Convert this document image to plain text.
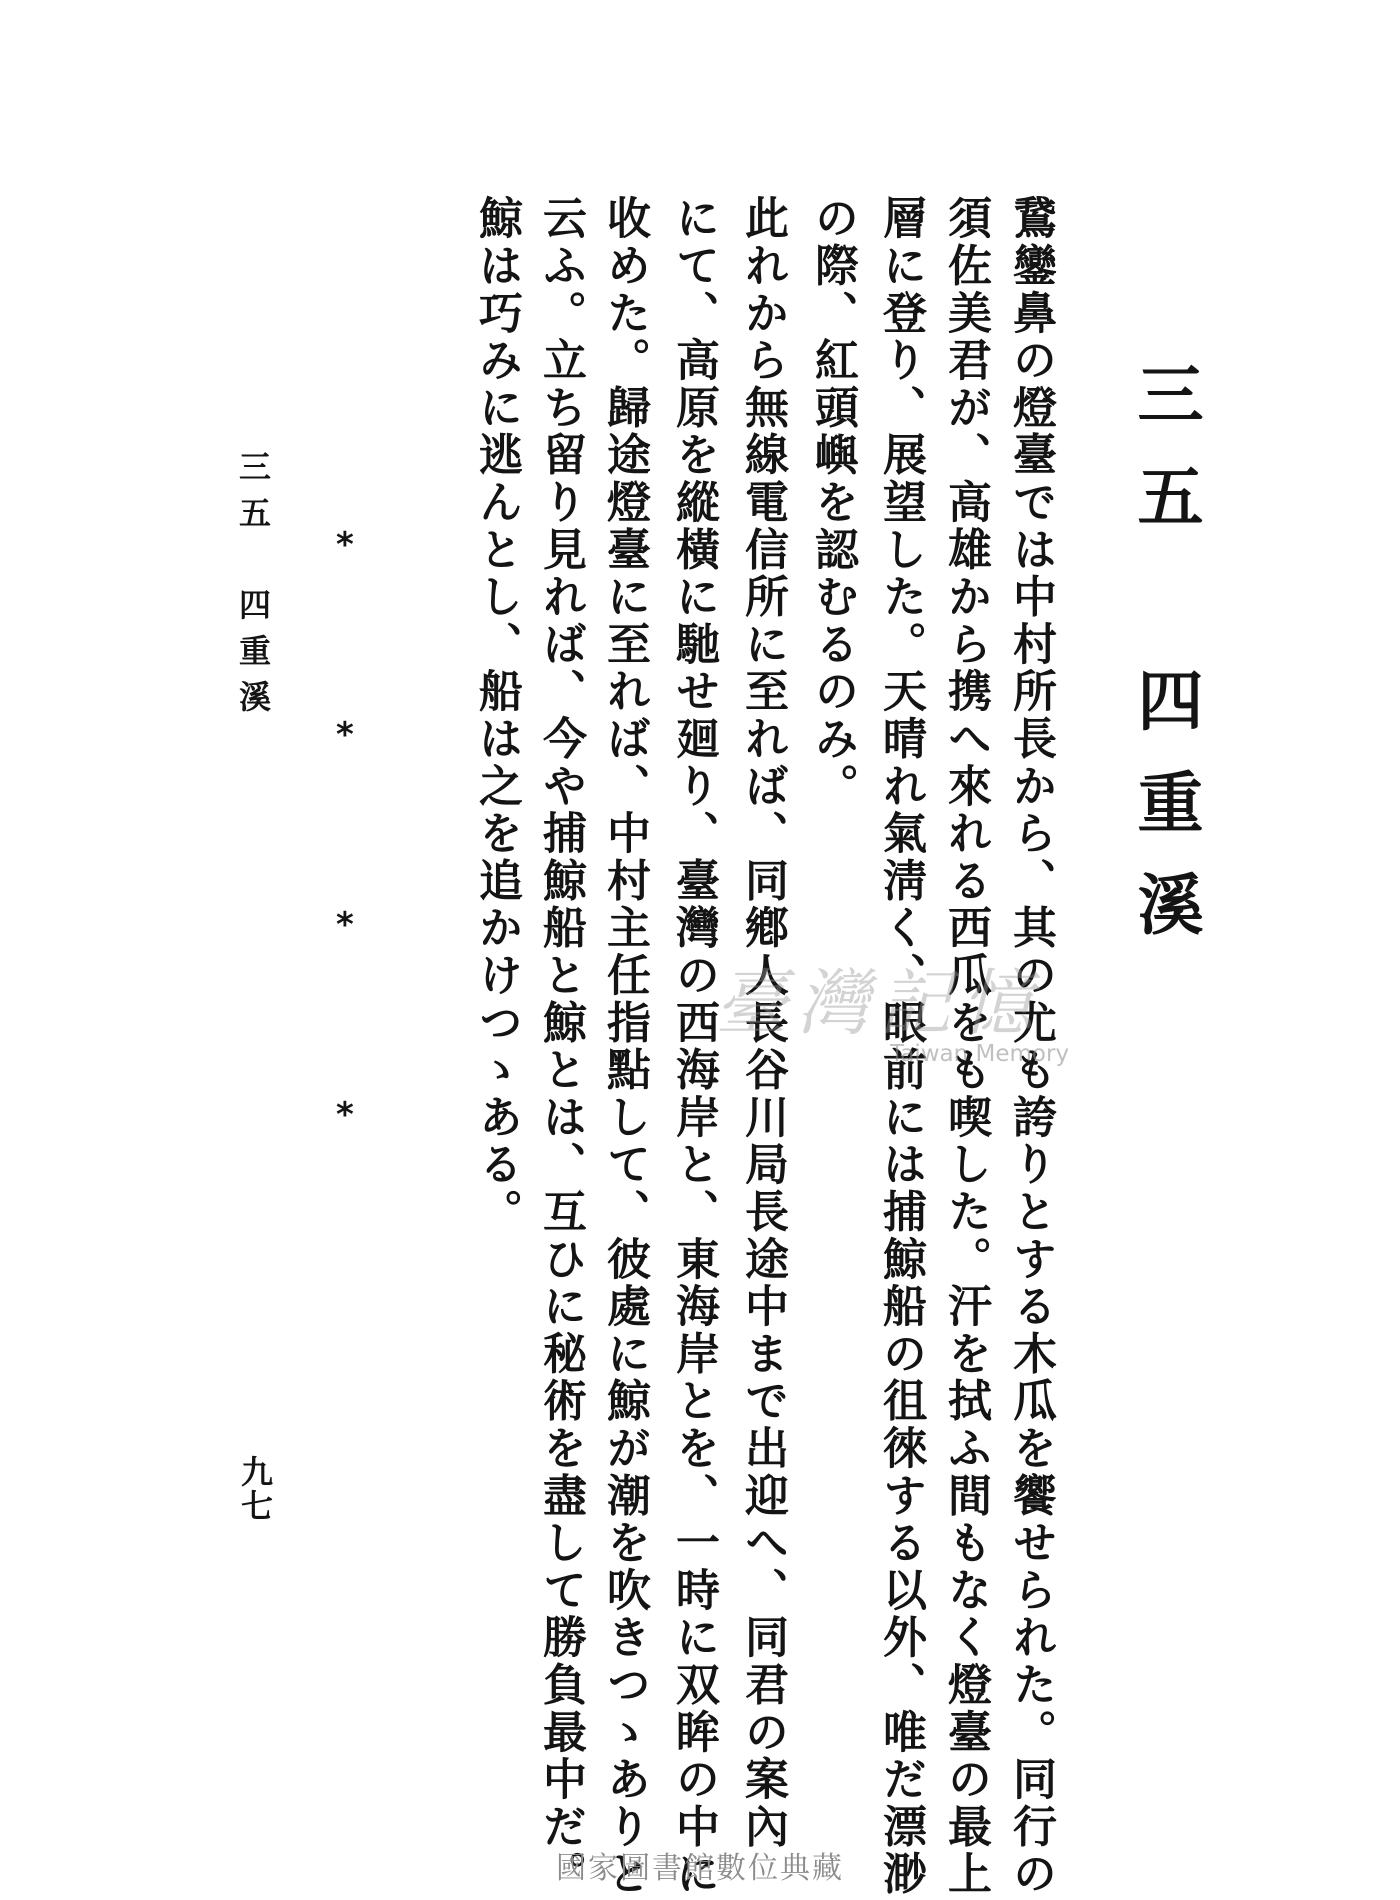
三五　四重溪
鵞鑾鼻の燈臺では中村所長から、其の尤も誇りとする木瓜を饗せられた。同行の
須佐美君が、高雄から携へ來れる西瓜をも喫した。汗を拭ふ間もなく燈臺の最上
層に登り、展望した。天晴れ氣淸く、眼前には捕鯨船の徂徠する以外、唯だ漂渺
の際、紅頭嶼を認むるのみ。
此れから無線電信所に至れば、同鄕人長谷川局長途中まで出迎へ、同君の案內
にて、高原を縱橫に馳せ廻り、臺灣の西海岸と、東海岸とを、一時に双眸の中に
收めた。歸途燈臺に至れば、中村主任指點して、彼處に鯨が潮を吹きつゝありと
云ふ。立ち留り見れば、今や捕鯨船と鯨とは、互ひに秘術を盡して勝負最中だ。
鯨は巧みに逃んとし、船は之を追かけつゝある。
*
*
*
*
三五　四重溪
九七
臺灣記憶
Taiwan Memory
國家圖書館數位典藏
